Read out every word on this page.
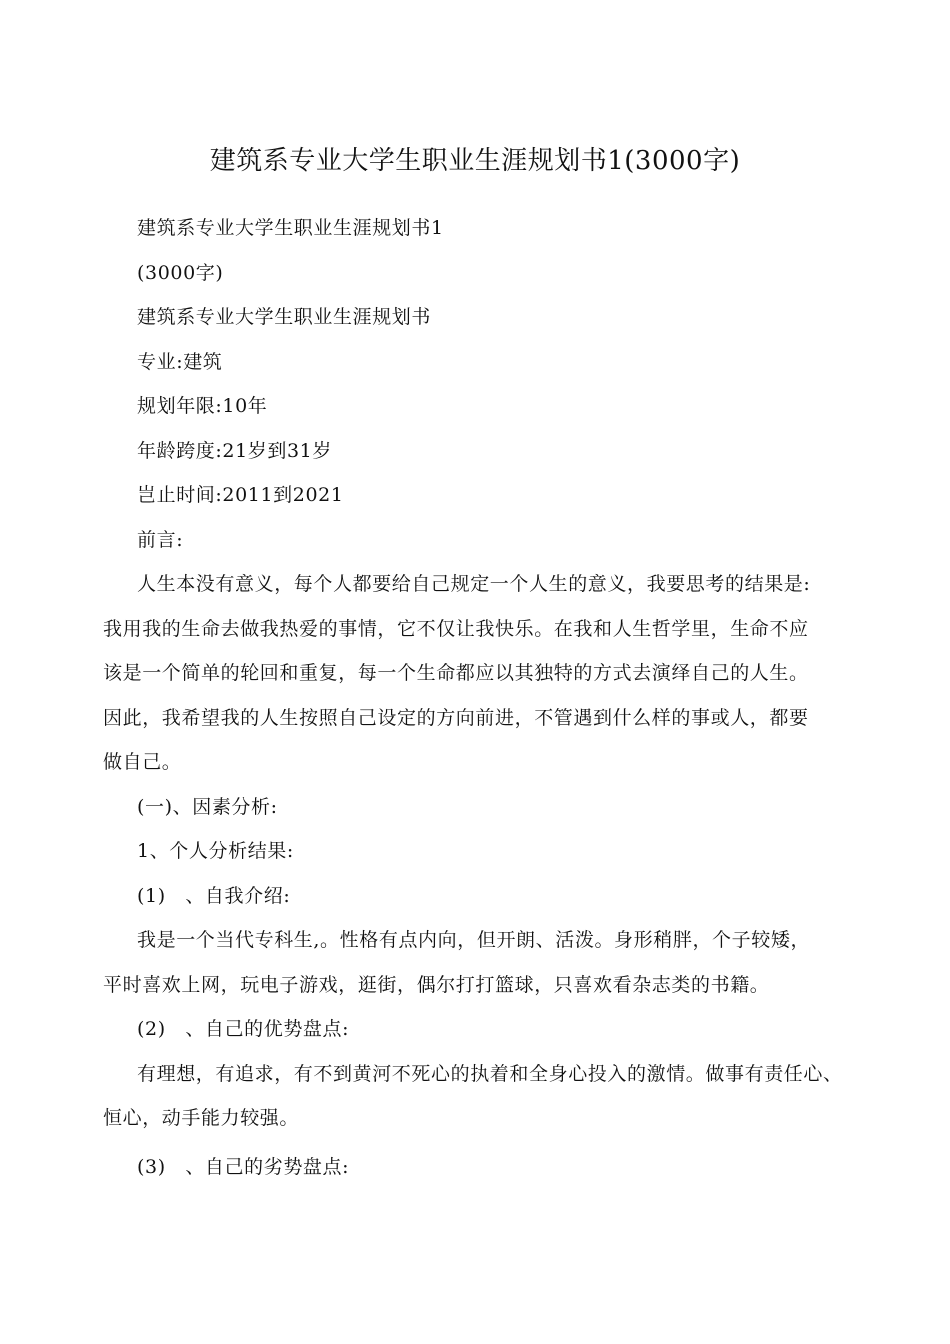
建筑系专业大学生职业生涯规划书1(3000字)
建筑系专业大学生职业生涯规划书1
(3000字)
建筑系专业大学生职业生涯规划书
专业:建筑
规划年限:10年
年龄跨度:21岁到31岁
岂止时间:2011到2021
前言:
人生本没有意义，每个人都要给自己规定一个人生的意义，我要思考的结果是:
我用我的生命去做我热爱的事情，它不仅让我快乐。在我和人生哲学里，生命不应
该是一个简单的轮回和重复，每一个生命都应以其独特的方式去演绎自己的人生。
因此，我希望我的人生按照自己设定的方向前进，不管遇到什么样的事或人，都要
做自己。
(一)、因素分析:
1、个人分析结果:
(1)　、自我介绍:
我是一个当代专科生,。性格有点内向，但开朗、活泼。身形稍胖，个子较矮，
平时喜欢上网，玩电子游戏，逛街，偶尔打打篮球，只喜欢看杂志类的书籍。
(2)　、自己的优势盘点:
有理想，有追求，有不到黄河不死心的执着和全身心投入的激情。做事有责任心、
恒心，动手能力较强。
(3)　、自己的劣势盘点:
